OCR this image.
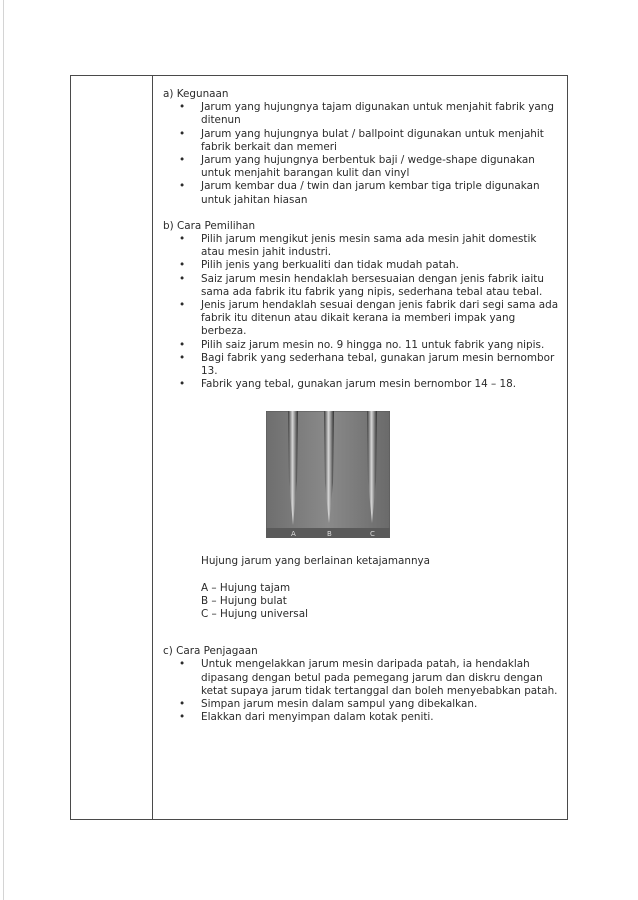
a) Kegunaan

• Jarum yang hujungnya tajam digunakan untuk menjahit fabrik yang ditenun
• Jarum yang hujungnya bulat / ballpoint digunakan untuk menjahit fabrik berkait dan memeri
• Jarum yang hujungnya berbentuk baji / wedge-shape digunakan untuk menjahit barangan kulit dan vinyl
• Jarum kembar dua / twin dan jarum kembar tiga triple digunakan untuk jahitan hiasan

b) Cara Pemilihan

• Pilih jarum mengikut jenis mesin sama ada mesin jahit domestik atau mesin jahit industri.
• Pilih jenis yang berkualiti dan tidak mudah patah.
• Saiz jarum mesin hendaklah bersesuaian dengan jenis fabrik iaitu sama ada fabrik itu fabrik yang nipis, sederhana tebal atau tebal.
• Jenis jarum hendaklah sesuai dengan jenis fabrik dari segi sama ada fabrik itu ditenun atau dikait kerana ia memberi impak yang berbeza.
• Pilih saiz jarum mesin no. 9 hingga no. 11 untuk fabrik yang nipis.
• Bagi fabrik yang sederhana tebal, gunakan jarum mesin bernombor 13.
• Fabrik yang tebal, gunakan jarum mesin bernombor 14 – 18.
A	B	C

Hujung jarum yang berlainan ketajamannya

A – Hujung tajam
B – Hujung bulat
C – Hujung universal

c) Cara Penjagaan

• Untuk mengelakkan jarum mesin daripada patah, ia hendaklah dipasang dengan betul pada pemegang jarum dan diskru dengan ketat supaya jarum tidak tertanggal dan boleh menyebabkan patah.
• Simpan jarum mesin dalam sampul yang dibekalkan.
• Elakkan dari menyimpan dalam kotak peniti.
